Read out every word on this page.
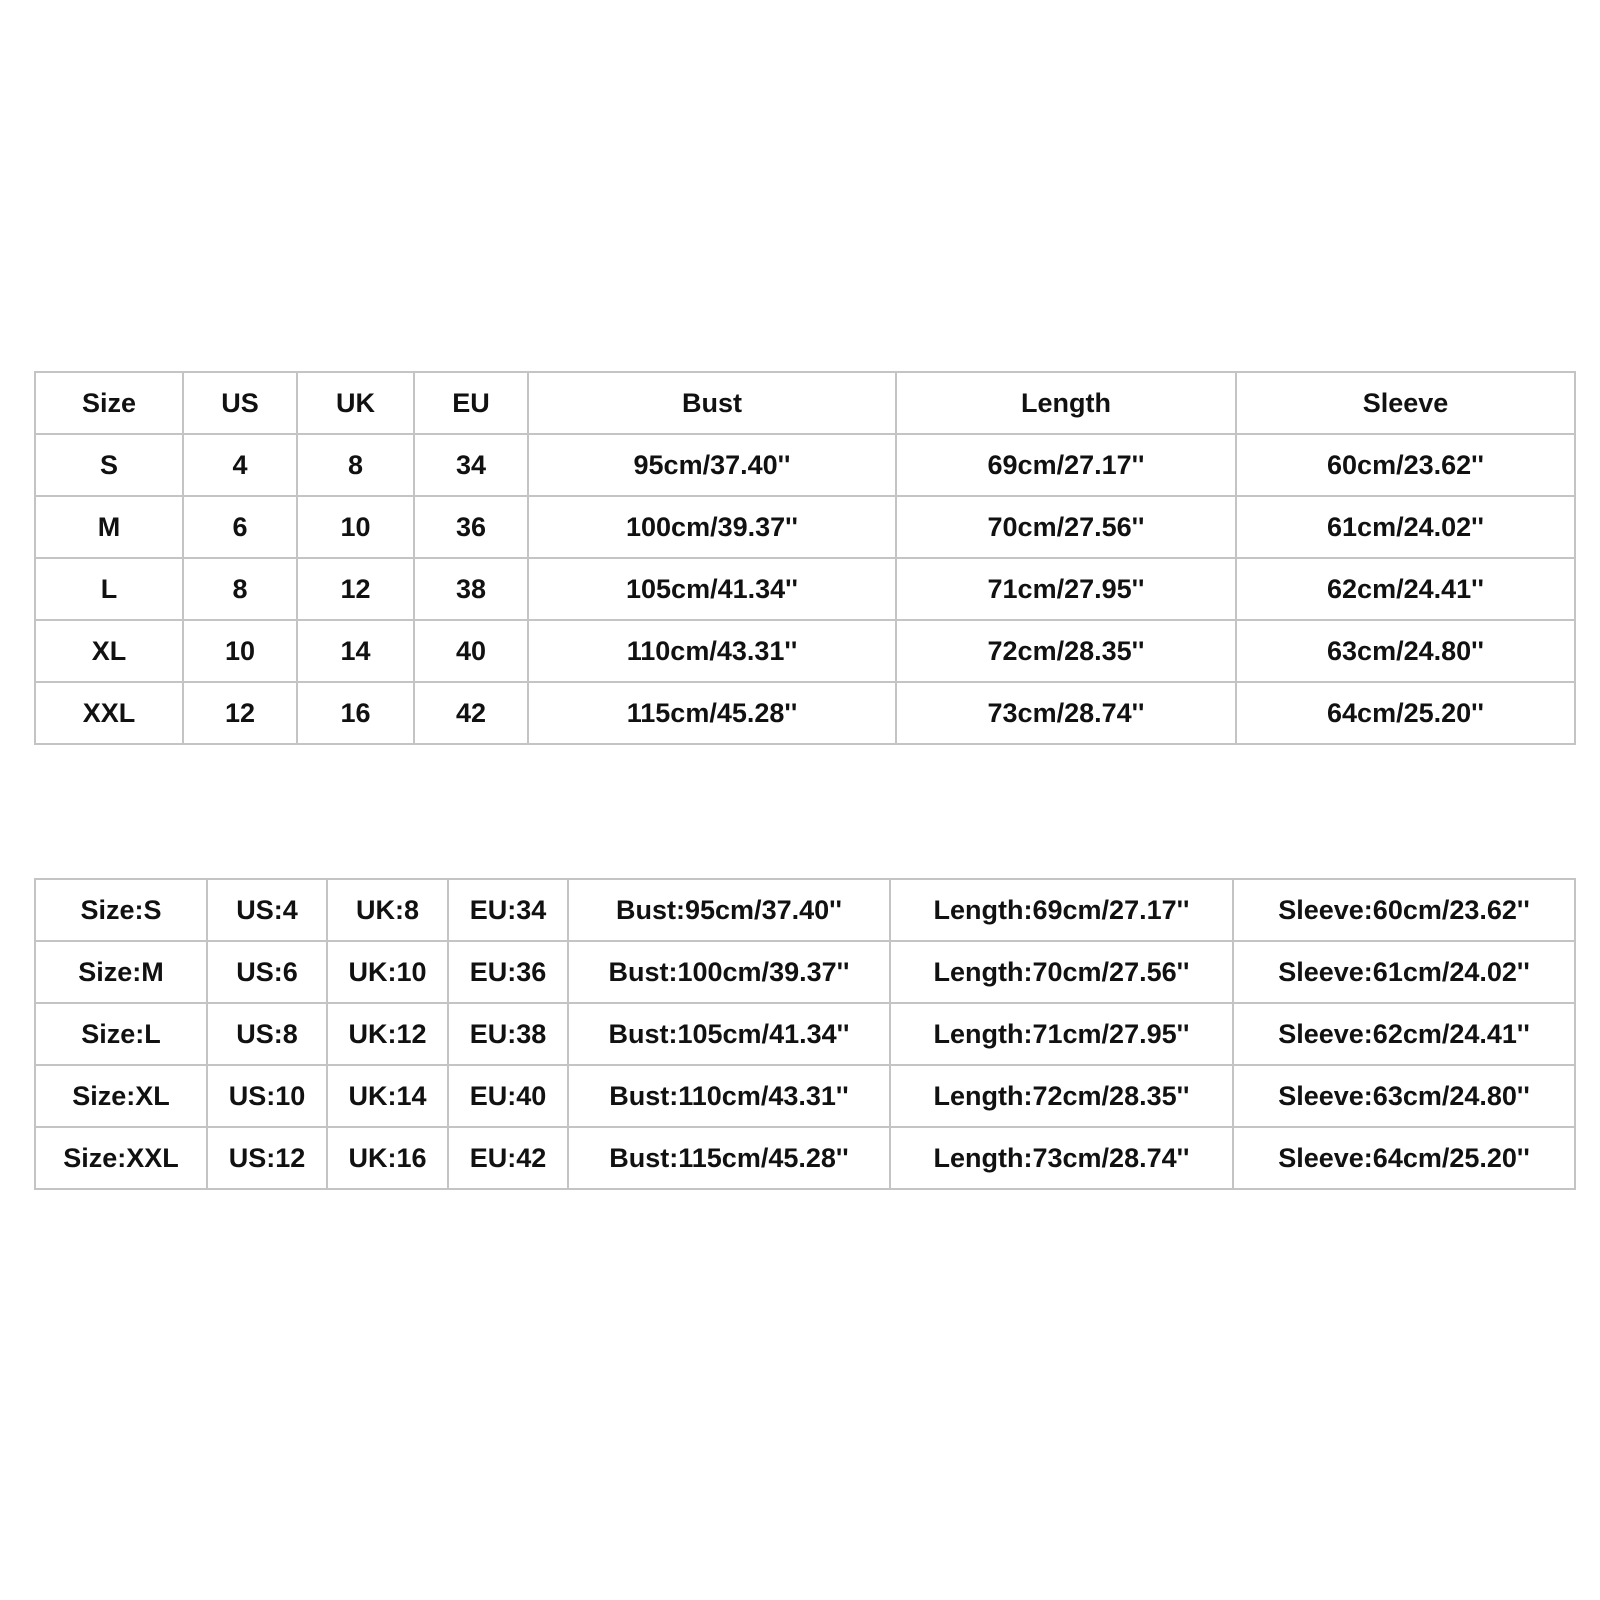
Size	US	UK	EU	Bust	Length	Sleeve
S	4	8	34	95cm/37.40''	69cm/27.17''	60cm/23.62''
M	6	10	36	100cm/39.37''	70cm/27.56''	61cm/24.02''
L	8	12	38	105cm/41.34''	71cm/27.95''	62cm/24.41''
XL	10	14	40	110cm/43.31''	72cm/28.35''	63cm/24.80''
XXL	12	16	42	115cm/45.28''	73cm/28.74''	64cm/25.20''
Size:S	US:4	UK:8	EU:34	Bust:95cm/37.40''	Length:69cm/27.17''	Sleeve:60cm/23.62''
Size:M	US:6	UK:10	EU:36	Bust:100cm/39.37''	Length:70cm/27.56''	Sleeve:61cm/24.02''
Size:L	US:8	UK:12	EU:38	Bust:105cm/41.34''	Length:71cm/27.95''	Sleeve:62cm/24.41''
Size:XL	US:10	UK:14	EU:40	Bust:110cm/43.31''	Length:72cm/28.35''	Sleeve:63cm/24.80''
Size:XXL	US:12	UK:16	EU:42	Bust:115cm/45.28''	Length:73cm/28.74''	Sleeve:64cm/25.20''
